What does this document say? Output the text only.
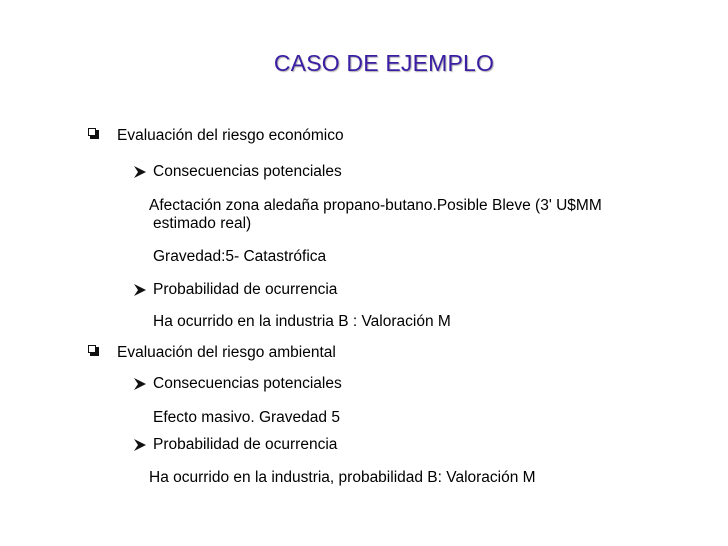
CASO DE EJEMPLO
Evaluación del riesgo económico
Consecuencias potenciales
Afectación zona aledaña propano-butano.Posible Bleve (3' U$MM
estimado real)
Gravedad:5- Catastrófica
Probabilidad de ocurrencia
Ha ocurrido en la industria B : Valoración M
Evaluación del riesgo ambiental
Consecuencias potenciales
Efecto masivo. Gravedad 5
Probabilidad de ocurrencia
Ha ocurrido en la industria, probabilidad B: Valoración M
